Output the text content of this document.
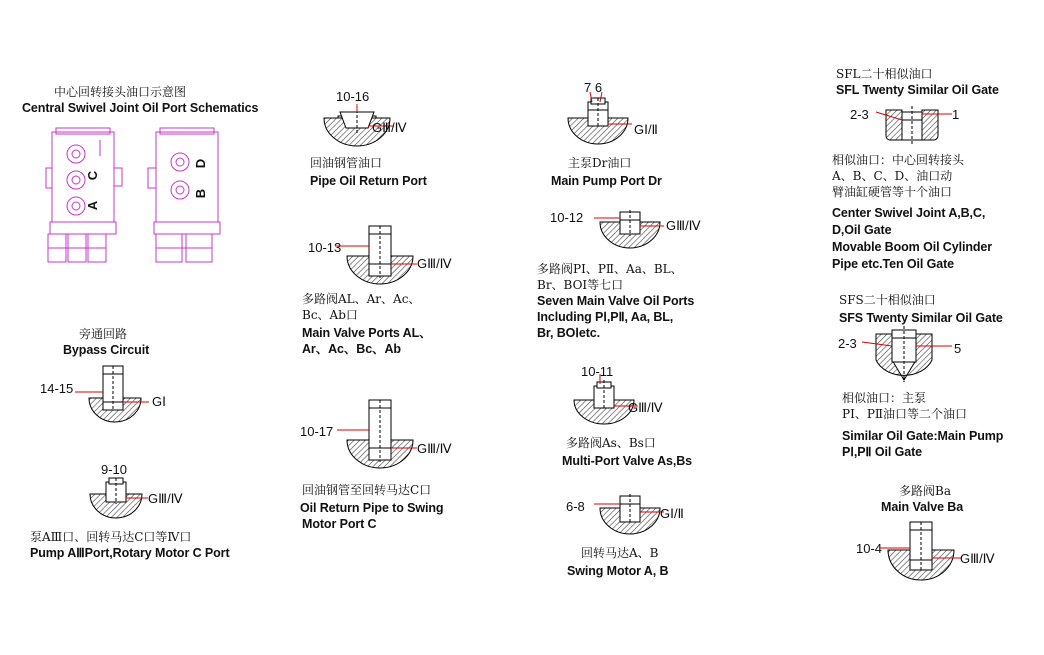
中心回转接头油口示意图
Central Swivel Joint Oil Port Schematics
C
A
D
B
旁通回路
Bypass Circuit
14-15
GⅠ
9-10
GⅢ/Ⅳ
泵AⅢ口、回转马达C口等Ⅳ口
Pump AⅢPort,Rotary Motor C Port
10-16
GⅢ/Ⅳ
回油钢管油口
Pipe Oil Return Port
10-13
GⅢ/Ⅳ
多路阀AL、Ar、Ac、
Bc、Ab口
Main Valve Ports AL、
Ar、Ac、Bc、Ab
10-17
GⅢ/Ⅳ
回油钢管至回转马达C口
Oil Return Pipe to Swing
Motor Port C
7 6
GⅠ/Ⅱ
主泵Dr油口
Main Pump Port Dr
10-12
GⅢ/Ⅳ
多路阀PⅠ、PⅡ、Aa、BL、
Br、BOⅠ等七口
Seven Main Valve Oil Ports
Including PⅠ,PⅡ, Aa, BL,
Br, BOⅠetc.
10-11
GⅢ/Ⅳ
多路阀As、Bs口
Multi-Port Valve As,Bs
6-8	GⅠ/Ⅱ
回转马达A、B
Swing Motor A, B
SFL二十相似油口
SFL Twenty Similar Oil Gate
2-3	1
相似油口：中心回转接头
A、B、C、D、油口动
臂油缸硬管等十个油口
Center Swivel Joint A,B,C,
D,Oil Gate
Movable Boom Oil Cylinder
Pipe etc.Ten Oil Gate
SFS二十相似油口
SFS Twenty Similar Oil Gate
2-3	5
相似油口：主泵
PⅠ、PⅡ油口等二个油口
Similar Oil Gate:Main Pump
PⅠ,PⅡ Oil Gate
多路阀Ba
Main Valve Ba
10-4
GⅢ/Ⅳ
